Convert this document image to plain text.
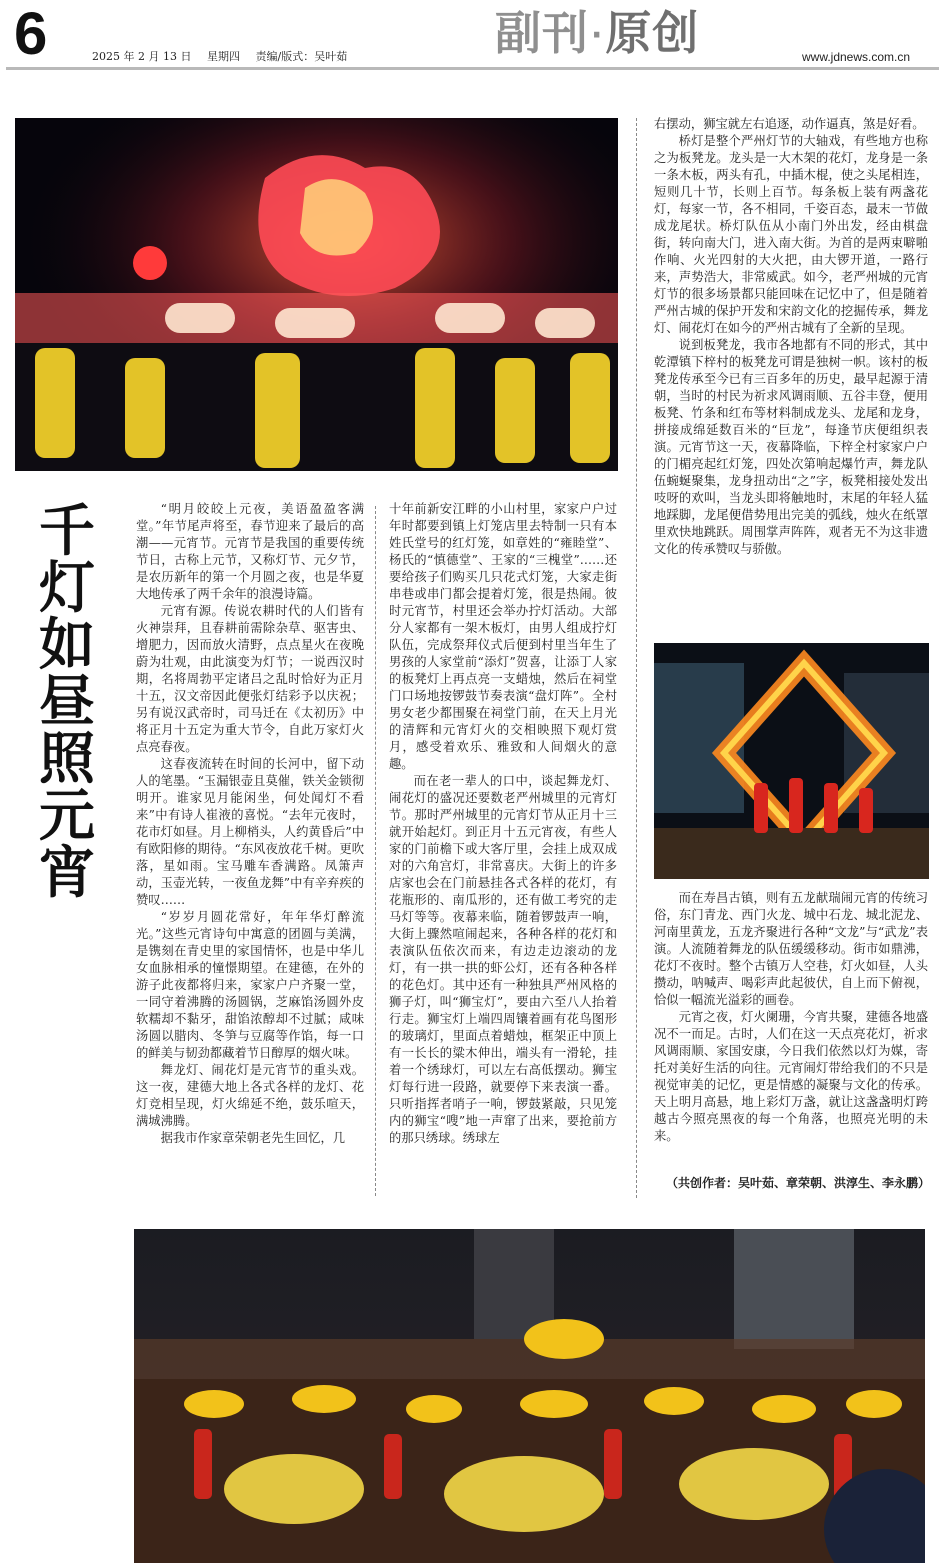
6	2025 年 2 月 13 日 星期四 责编/版式：吴叶茹	副刊·原创	www.jdnews.com.cn
千
灯
如
昼
照
元
宵

“明月皎皎上元夜，美语盈盈客满堂。”年节尾声将至，春节迎来了最后的高潮——元宵节。元宵节是我国的重要传统节日，古称上元节，又称灯节、元夕节，是农历新年的第一个月圆之夜，也是华夏大地传承了两千余年的浪漫诗篇。

元宵有源。传说农耕时代的人们皆有火神崇拜，且春耕前需除杂草、驱害虫、增肥力，因而放火清野，点点星火在夜晚蔚为壮观，由此演变为灯节；一说西汉时期，名将周勃平定诸吕之乱时恰好为正月十五，汉文帝因此便张灯结彩予以庆祝；另有说汉武帝时，司马迁在《太初历》中将正月十五定为重大节令，自此万家灯火点亮春夜。

这春夜流转在时间的长河中，留下动人的笔墨。“玉漏银壶且莫催，铁关金锁彻明开。谁家见月能闲坐，何处闻灯不看来”中有诗人崔液的喜悦。“去年元夜时，花市灯如昼。月上柳梢头，人约黄昏后”中有欧阳修的期待。“东风夜放花千树。更吹落，星如雨。宝马雕车香满路。凤箫声动，玉壶光转，一夜鱼龙舞”中有辛弃疾的赞叹……

“岁岁月圆花常好，年年华灯醉流光。”这些元宵诗句中寓意的团圆与美满，是镌刻在青史里的家国情怀，也是中华儿女血脉相承的憧憬期望。在建德，在外的游子此夜都将归来，家家户户齐聚一堂，一同守着沸腾的汤圆锅，芝麻馅汤圆外皮软糯却不黏牙，甜馅浓醇却不过腻；咸味汤圆以腊肉、冬笋与豆腐等作馅，每一口的鲜美与韧劲都藏着节日醇厚的烟火味。

舞龙灯、闹花灯是元宵节的重头戏。这一夜，建德大地上各式各样的龙灯、花灯竞相呈现，灯火绵延不绝，鼓乐喧天，满城沸腾。

据我市作家章荣朝老先生回忆，几

十年前新安江畔的小山村里，家家户户过年时都要到镇上灯笼店里去特制一只有本姓氏堂号的红灯笼，如章姓的“雍睦堂”、杨氏的“慎德堂”、王家的“三槐堂”……还要给孩子们购买几只花式灯笼，大家走街串巷或串门都会提着灯笼，很是热闹。彼时元宵节，村里还会举办拧灯活动。大部分人家都有一架木板灯，由男人组成拧灯队伍，完成祭拜仪式后便到村里当年生了男孩的人家堂前“添灯”贺喜，让添丁人家的板凳灯上再点亮一支蜡烛，然后在祠堂门口场地按锣鼓节奏表演“盘灯阵”。全村男女老少都围聚在祠堂门前，在天上月光的清辉和元宵灯火的交相映照下观灯赏月，感受着欢乐、雅致和人间烟火的意趣。

而在老一辈人的口中，谈起舞龙灯、闹花灯的盛况还要数老严州城里的元宵灯节。那时严州城里的元宵灯节从正月十三就开始起灯。到正月十五元宵夜，有些人家的门前檐下或大客厅里，会挂上成双成对的六角宫灯，非常喜庆。大街上的许多店家也会在门前悬挂各式各样的花灯，有花瓶形的、南瓜形的，还有做工考究的走马灯等等。夜幕来临，随着锣鼓声一响，大街上骤然喧闹起来，各种各样的花灯和表演队伍依次而来，有边走边滚动的龙灯，有一拱一拱的虾公灯，还有各种各样的花色灯。其中还有一种独具严州风格的狮子灯，叫“狮宝灯”，要由六至八人抬着行走。狮宝灯上端四周镶着画有花鸟图形的玻璃灯，里面点着蜡烛，框架正中顶上有一长长的粱木伸出，端头有一滑轮，挂着一个绣球灯，可以左右高低摆动。狮宝灯每行进一段路，就要停下来表演一番。只听指挥者哨子一响，锣鼓紧敲，只见笼内的狮宝“嗖”地一声窜了出来，要抢前方的那只绣球。绣球左

右摆动，狮宝就左右追逐，动作逼真，煞是好看。

桥灯是整个严州灯节的大轴戏，有些地方也称之为板凳龙。龙头是一大木架的花灯，龙身是一条一条木板，两头有孔，中插木棍，使之头尾相连，短则几十节，长则上百节。每条板上装有两盏花灯，每家一节，各不相同，千姿百态，最末一节做成龙尾状。桥灯队伍从小南门外出发，经由棋盘街，转向南大门，进入南大街。为首的是两束噼啪作响、火光四射的大火把，由大锣开道，一路行来，声势浩大，非常威武。如今，老严州城的元宵灯节的很多场景都只能回味在记忆中了，但是随着严州古城的保护开发和宋韵文化的挖掘传承，舞龙灯、闹花灯在如今的严州古城有了全新的呈现。

说到板凳龙，我市各地都有不同的形式，其中乾潭镇下梓村的板凳龙可谓是独树一帜。该村的板凳龙传承至今已有三百多年的历史，最早起源于清朝，当时的村民为祈求风调雨顺、五谷丰登，便用板凳、竹条和红布等材料制成龙头、龙尾和龙身，拼接成绵延数百米的“巨龙”，每逢节庆便组织表演。元宵节这一天，夜幕降临，下梓全村家家户户的门楣亮起红灯笼，四处次第响起爆竹声，舞龙队伍蜿蜒聚集，龙身扭动出“之”字，板凳相接处发出吱呀的欢叫，当龙头即将触地时，末尾的年轻人猛地踩脚，龙尾便借势甩出完美的弧线，烛火在纸罩里欢快地跳跃。周围掌声阵阵，观者无不为这非遗文化的传承赞叹与骄傲。

而在寿昌古镇，则有五龙献瑞闹元宵的传统习俗，东门青龙、西门火龙、城中石龙、城北泥龙、河南里黄龙，五龙齐聚进行各种“文龙”与“武龙”表演。人流随着舞龙的队伍缓缓移动。街市如鼎沸，花灯不夜时。整个古镇万人空巷，灯火如昼，人头攒动，呐喊声、喝彩声此起彼伏，自上而下俯视，恰似一幅流光溢彩的画卷。

元宵之夜，灯火阑珊，今宵共聚，建德各地盛况不一而足。古时，人们在这一天点亮花灯，祈求风调雨顺、家国安康，今日我们依然以灯为媒，寄托对美好生活的向往。元宵闹灯带给我们的不只是视觉审美的记忆，更是情感的凝聚与文化的传承。天上明月高悬，地上彩灯万盏，就让这盏盏明灯跨越古今照亮黑夜的每一个角落，也照亮光明的未来。

（共创作者：吴叶茹、章荣朝、洪淳生、李永鹏）
